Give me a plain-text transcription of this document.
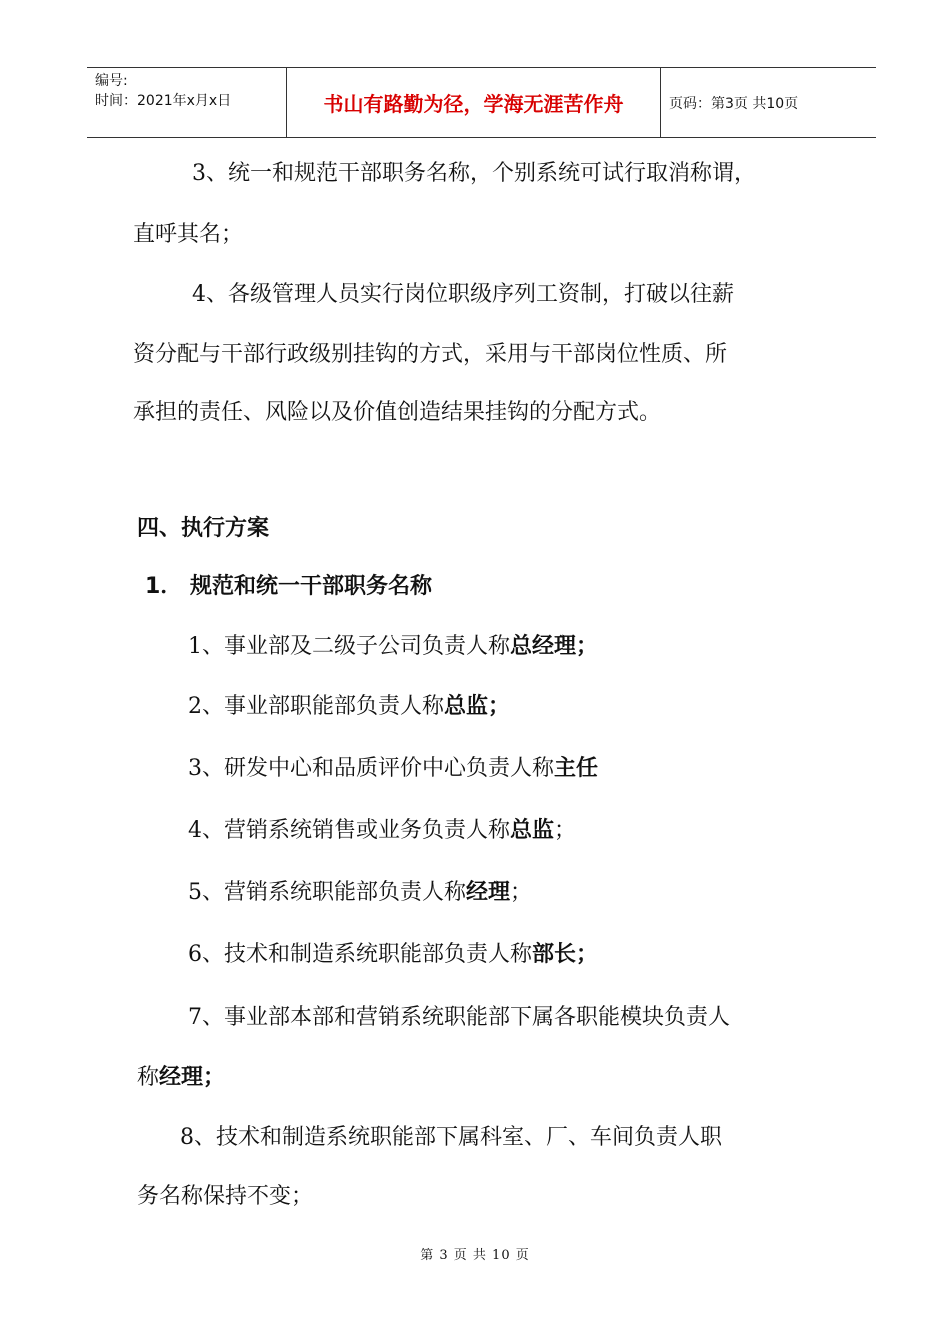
编号:
时间：2021年x月x日	书山有路勤为径，学海无涯苦作舟	页码：第3页 共10页
3、统一和规范干部职务名称，个别系统可试行取消称谓，
直呼其名；
4、各级管理人员实行岗位职级序列工资制，打破以往薪
资分配与干部行政级别挂钩的方式，采用与干部岗位性质、所
承担的责任、风险以及价值创造结果挂钩的分配方式。
四、执行方案
1． 规范和统一干部职务名称
1、事业部及二级子公司负责人称总经理；
2、事业部职能部负责人称总监；
3、研发中心和品质评价中心负责人称主任
4、营销系统销售或业务负责人称总监；
5、营销系统职能部负责人称经理；
6、技术和制造系统职能部负责人称部长；
7、事业部本部和营销系统职能部下属各职能模块负责人
称经理；
8、技术和制造系统职能部下属科室、厂、车间负责人职
务名称保持不变；
第 3 页 共 10 页
